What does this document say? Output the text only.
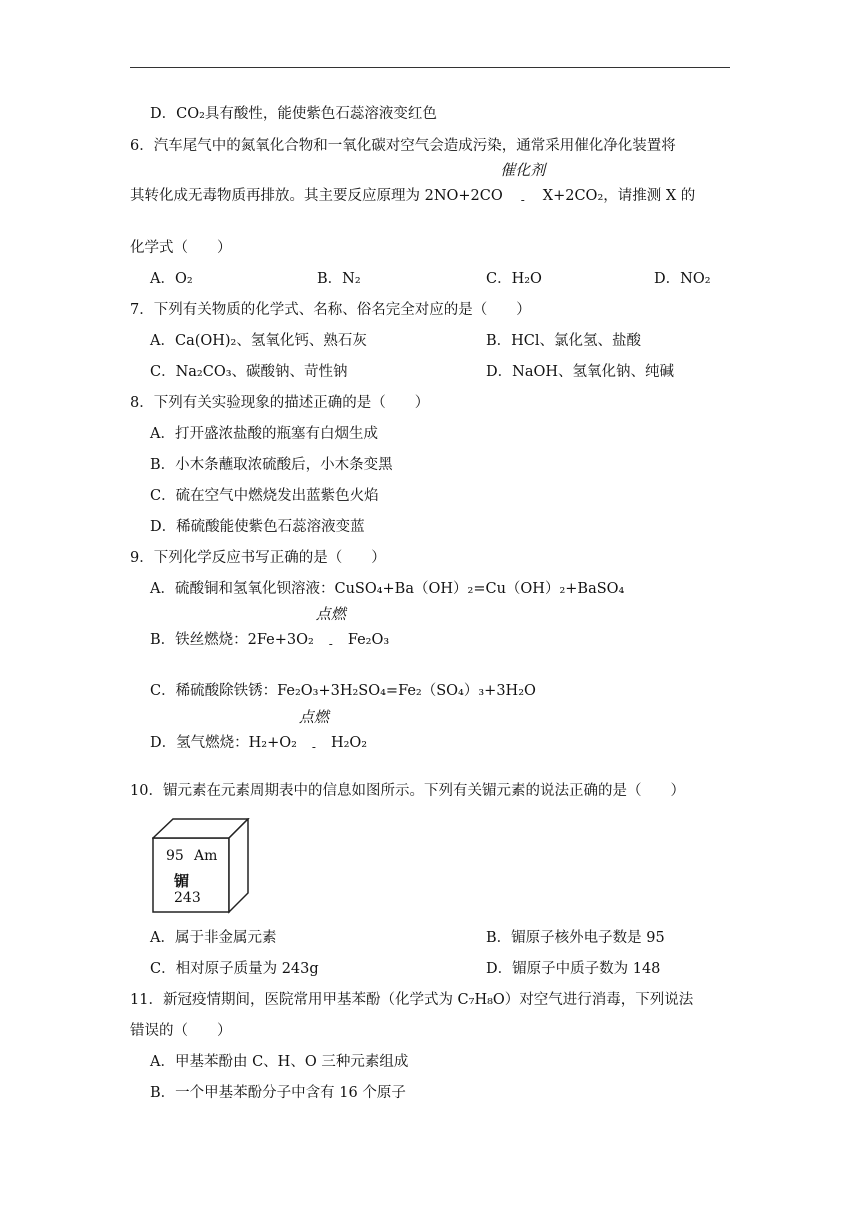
D．CO₂具有酸性，能使紫色石蕊溶液变红色
6．汽车尾气中的氮氧化合物和一氧化碳对空气会造成污染，通常采用催化净化装置将
其转化成无毒物质再排放。其主要反应原理为 2NO+2CO
催化剂
- X+2CO₂，请推测 X 的
化学式（　　）
A．O₂	B．N₂	C．H₂O	D．NO₂
7．下列有关物质的化学式、名称、俗名完全对应的是（　　）
A．Ca(OH)₂、氢氧化钙、熟石灰	B．HCl、氯化氢、盐酸
C．Na₂CO₃、碳酸钠、苛性钠	D．NaOH、氢氧化钠、纯碱
8．下列有关实验现象的描述正确的是（　　）
A．打开盛浓盐酸的瓶塞有白烟生成
B．小木条蘸取浓硫酸后，小木条变黑
C．硫在空气中燃烧发出蓝紫色火焰
D．稀硫酸能使紫色石蕊溶液变蓝
9．下列化学反应书写正确的是（　　）
A．硫酸铜和氢氧化钡溶液：CuSO₄+Ba（OH）₂=Cu（OH）₂+BaSO₄
B．铁丝燃烧：2Fe+3O₂
点燃
- Fe₂O₃
C．稀硫酸除铁锈：Fe₂O₃+3H₂SO₄=Fe₂（SO₄）₃+3H₂O
D．氢气燃烧：H₂+O₂
点燃
- H₂O₂
10．镅元素在元素周期表中的信息如图所示。下列有关镅元素的说法正确的是（　　）
95 Am
镅
243
A．属于非金属元素	B．镅原子核外电子数是 95
C．相对原子质量为 243g	D．镅原子中质子数为 148
11．新冠疫情期间，医院常用甲基苯酚（化学式为 C₇H₈O）对空气进行消毒，下列说法
错误的（　　）
A．甲基苯酚由 C、H、O 三种元素组成
B．一个甲基苯酚分子中含有 16 个原子
